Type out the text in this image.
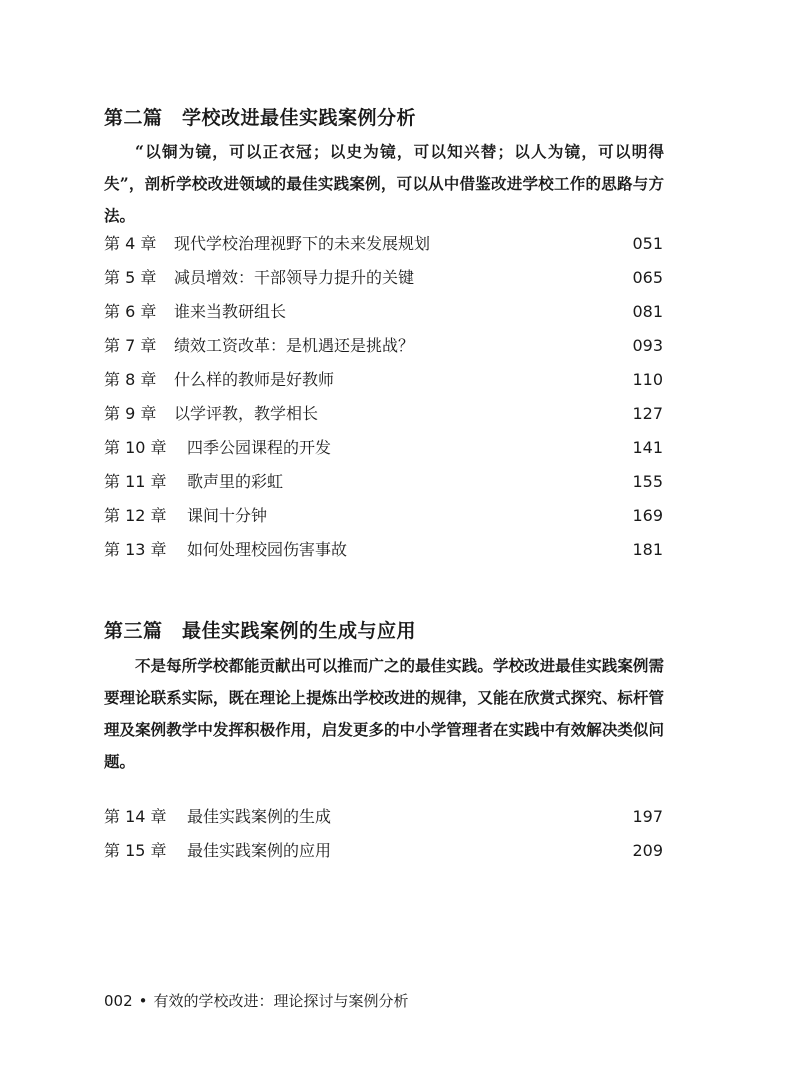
第二篇　学校改进最佳实践案例分析
“以铜为镜，可以正衣冠；以史为镜，可以知兴替；以人为镜，可以明得失”，剖析学校改进领域的最佳实践案例，可以从中借鉴改进学校工作的思路与方法。
第 4 章 现代学校治理视野下的未来发展规划	051
第 5 章 减员增效：干部领导力提升的关键	065
第 6 章 谁来当教研组长	081
第 7 章 绩效工资改革：是机遇还是挑战？	093
第 8 章 什么样的教师是好教师	110
第 9 章 以学评教，教学相长	127
第 10 章 四季公园课程的开发	141
第 11 章 歌声里的彩虹	155
第 12 章 课间十分钟	169
第 13 章 如何处理校园伤害事故	181
第三篇　最佳实践案例的生成与应用
不是每所学校都能贡献出可以推而广之的最佳实践。学校改进最佳实践案例需要理论联系实际，既在理论上提炼出学校改进的规律，又能在欣赏式探究、标杆管理及案例教学中发挥积极作用，启发更多的中小学管理者在实践中有效解决类似问题。
第 14 章 最佳实践案例的生成	197
第 15 章 最佳实践案例的应用	209
002 • 有效的学校改进：理论探讨与案例分析
